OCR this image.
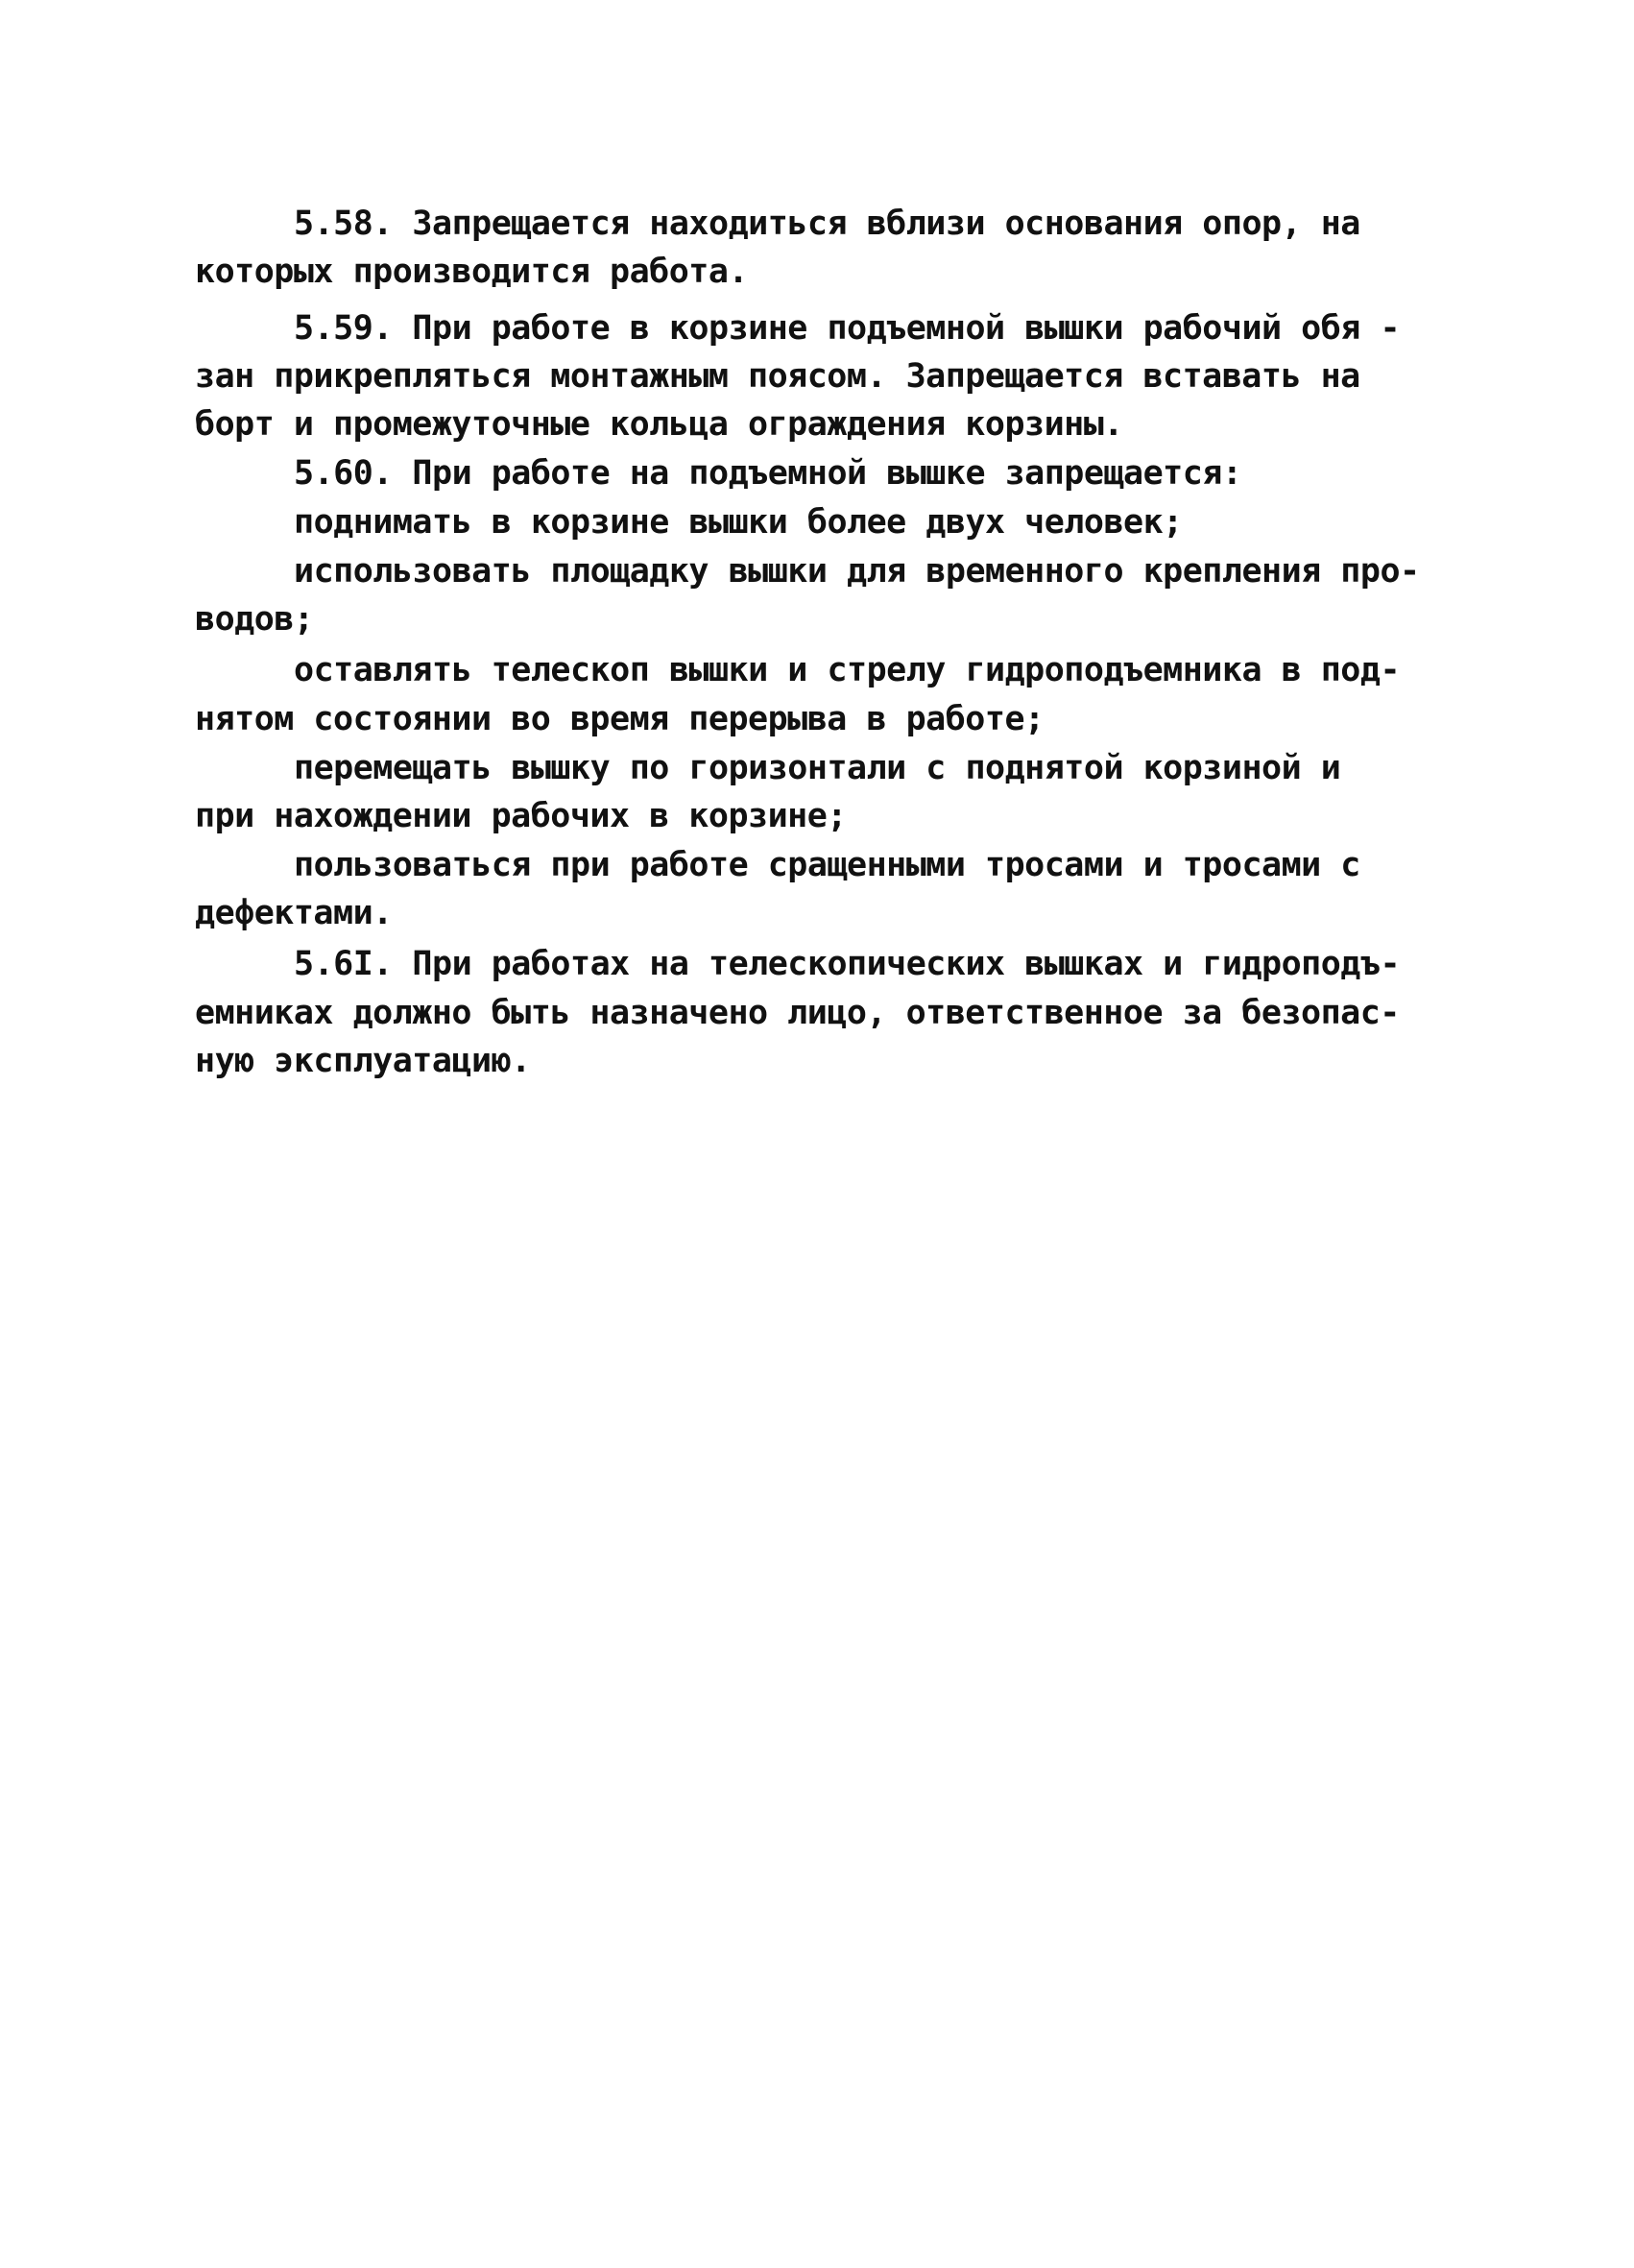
5.58. Запрещается находиться вблизи основания опор, на
которых производится работа.
5.59. При работе в корзине подъемной вышки рабочий обя -
зан прикрепляться монтажным поясом. Запрещается вставать на
борт и промежуточные кольца ограждения корзины.
5.60. При работе на подъемной вышке запрещается:
поднимать в корзине вышки более двух человек;
использовать площадку вышки для временного крепления про-
водов;
оставлять телескоп вышки и стрелу гидроподъемника в под-
нятом состоянии во время перерыва в работе;
перемещать вышку по горизонтали с поднятой корзиной и
при нахождении рабочих в корзине;
пользоваться при работе сращенными тросами и тросами с
дефектами.
5.6I. При работах на телескопических вышках и гидроподъ-
емниках должно быть назначено лицо, ответственное за безопас-
ную эксплуатацию.
